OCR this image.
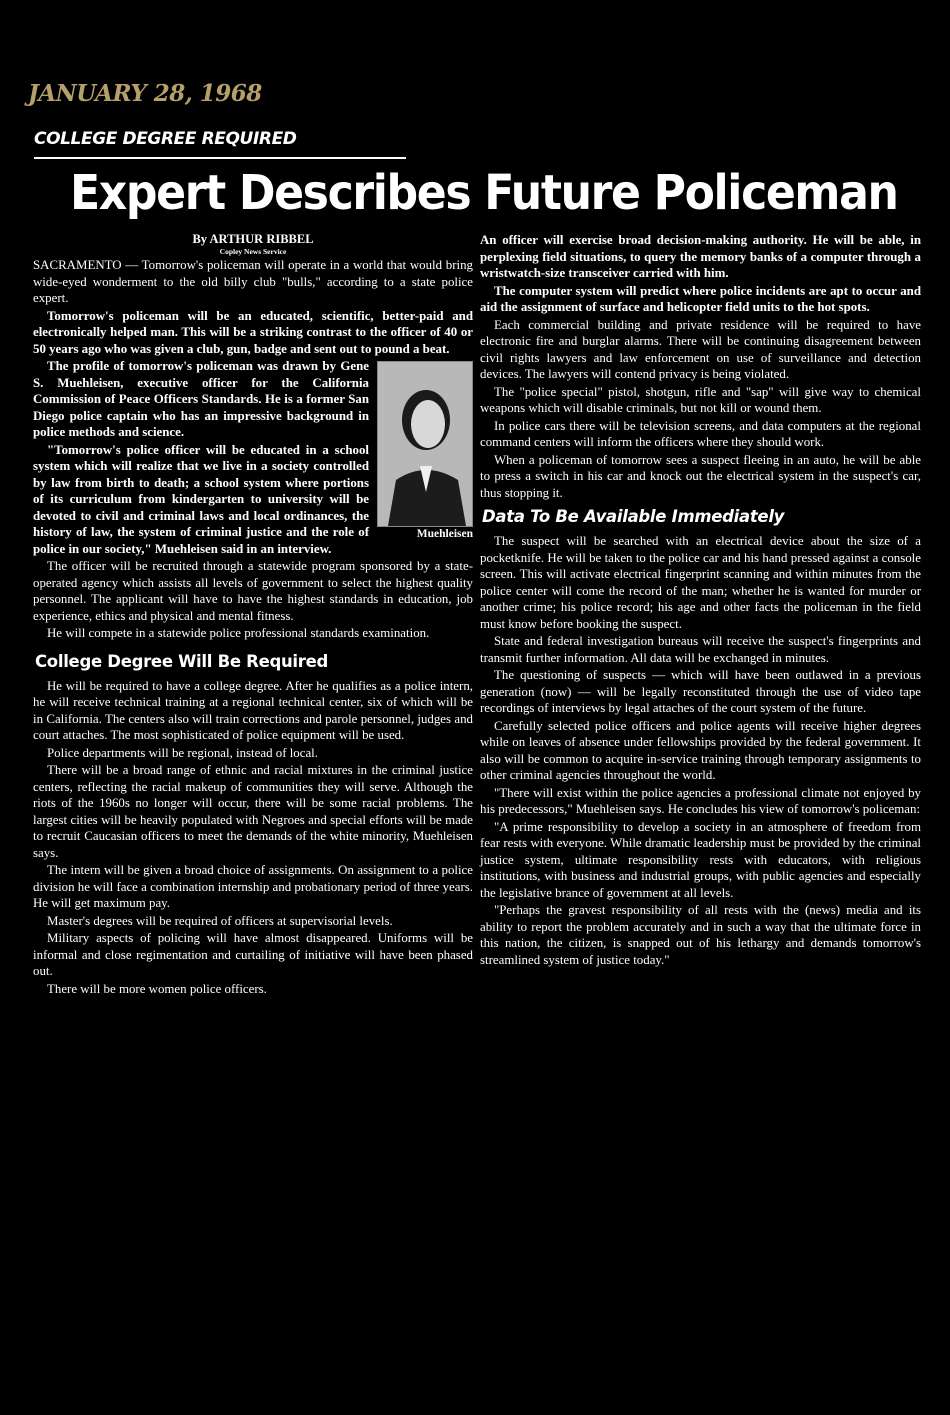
JANUARY 28, 1968
COLLEGE DEGREE REQUIRED
Expert Describes Future Policeman
By ARTHUR RIBBEL
Copley News Service

SACRAMENTO — Tomorrow's policeman will operate in a world that would bring wide-eyed wonderment to the old billy club "bulls," according to a state police expert.

Tomorrow's policeman will be an educated, scientific, better-paid and electronically helped man. This will be a striking contrast to the officer of 40 or 50 years ago who was given a club, gun, badge and sent out to pound a beat.

Muehleisen

The profile of tomorrow's policeman was drawn by Gene S. Muehleisen, executive officer for the California Commission of Peace Officers Standards. He is a former San Diego police captain who has an impressive background in police methods and science.

"Tomorrow's police officer will be educated in a school system which will realize that we live in a society controlled by law from birth to death; a school system where portions of its curriculum from kindergarten to university will be devoted to civil and criminal laws and local ordinances, the history of law, the system of criminal justice and the role of police in our society," Muehleisen said in an interview.

The officer will be recruited through a statewide program sponsored by a state-operated agency which assists all levels of government to select the highest quality personnel. The applicant will have to have the highest standards in education, job experience, ethics and physical and mental fitness.

He will compete in a statewide police professional standards examination.

College Degree Will Be Required

He will be required to have a college degree. After he qualifies as a police intern, he will receive technical training at a regional technical center, six of which will be in California. The centers also will train corrections and parole personnel, judges and court attaches. The most sophisticated of police equipment will be used.

Police departments will be regional, instead of local.

There will be a broad range of ethnic and racial mixtures in the criminal justice centers, reflecting the racial makeup of communities they will serve. Although the riots of the 1960s no longer will occur, there will be some racial problems. The largest cities will be heavily populated with Negroes and special efforts will be made to recruit Caucasian officers to meet the demands of the white minority, Muehleisen says.

The intern will be given a broad choice of assignments. On assignment to a police division he will face a combination internship and probationary period of three years. He will get maximum pay.

Master's degrees will be required of officers at supervisorial levels.

Military aspects of policing will have almost disappeared. Uniforms will be informal and close regimentation and curtailing of initiative will have been phased out.

There will be more women police officers.

An officer will exercise broad decision-making authority. He will be able, in perplexing field situations, to query the memory banks of a computer through a wristwatch-size transceiver carried with him.

The computer system will predict where police incidents are apt to occur and aid the assignment of surface and helicopter field units to the hot spots.

Each commercial building and private residence will be required to have electronic fire and burglar alarms. There will be continuing disagreement between civil rights lawyers and law enforcement on use of surveillance and detection devices. The lawyers will contend privacy is being violated.

The "police special" pistol, shotgun, rifle and "sap" will give way to chemical weapons which will disable criminals, but not kill or wound them.

In police cars there will be television screens, and data computers at the regional command centers will inform the officers where they should work.

When a policeman of tomorrow sees a suspect fleeing in an auto, he will be able to press a switch in his car and knock out the electrical system in the suspect's car, thus stopping it.

Data To Be Available Immediately

The suspect will be searched with an electrical device about the size of a pocketknife. He will be taken to the police car and his hand pressed against a console screen. This will activate electrical fingerprint scanning and within minutes from the police center will come the record of the man; whether he is wanted for murder or another crime; his police record; his age and other facts the policeman in the field must know before booking the suspect.

State and federal investigation bureaus will receive the suspect's fingerprints and transmit further information. All data will be exchanged in minutes.

The questioning of suspects — which will have been outlawed in a previous generation (now) — will be legally reconstituted through the use of video tape recordings of interviews by legal attaches of the court system of the future.

Carefully selected police officers and police agents will receive higher degrees while on leaves of absence under fellowships provided by the federal government. It also will be common to acquire in-service training through temporary assignments to other criminal agencies throughout the world.

"There will exist within the police agencies a professional climate not enjoyed by his predecessors," Muehleisen says. He concludes his view of tomorrow's policeman:

"A prime responsibility to develop a society in an atmosphere of freedom from fear rests with everyone. While dramatic leadership must be provided by the criminal justice system, ultimate responsibility rests with educators, with religious institutions, with business and industrial groups, with public agencies and especially the legislative brance of government at all levels.

"Perhaps the gravest responsibility of all rests with the (news) media and its ability to report the problem accurately and in such a way that the ultimate force in this nation, the citizen, is snapped out of his lethargy and demands tomorrow's streamlined system of justice today."
